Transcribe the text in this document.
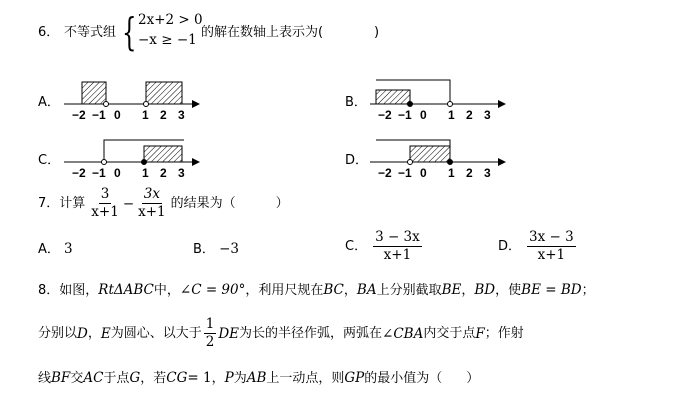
6． 不等式组 { 2x+2 > 0
−x ≥ −1 的解在数轴上表示为(	)
A．	B．
C．	D．
−2 −1 0 1 2 3	−2 −1 0 1 2 3
−2 −1 0 1 2 3	−2 −1 0 1 2 3
7． 计算 $\frac{3}{x+1} - \frac{3x}{x+1}$ 的结果为（	）
A． 3	B． −3	C． $\frac{3 - 3x}{x+1}$	D． $\frac{3x - 3}{x+1}$
8．如图，RtΔABC中，∠C = 90°，利用尺规在BC，BA上分别截取BE，BD，使BE = BD；
分别以 D ， E 为圆心、以大于 $\frac{1}{2}$ DE 为长的半径作弧，两弧在 ∠CBA 内交于点 F ；作射
线BF交AC于点G，若CG= 1，P为AB上一动点，则GP的最小值为（ ）
